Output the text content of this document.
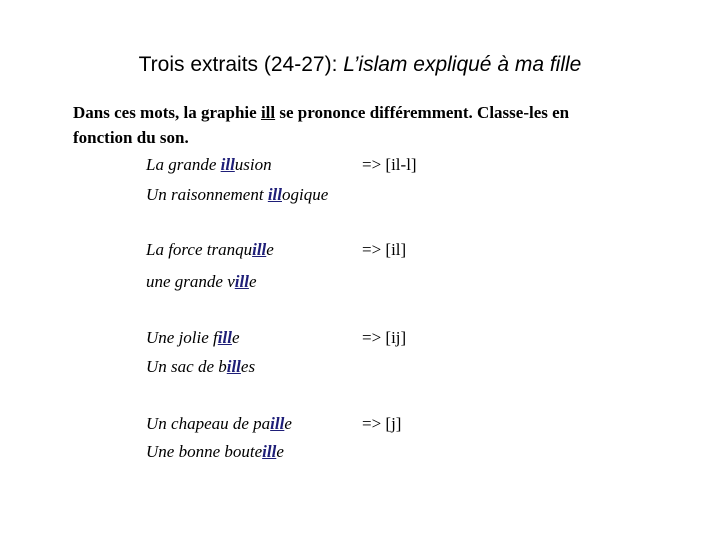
Trois extraits (24-27): L’islam expliqué à ma fille
Dans ces mots, la graphie ill se prononce différemment. Classe-les en
fonction du son.
La grande illusion
Un raisonnement illogique
=> [il-l]
La force tranquille
une grande ville
=> [il]
Une jolie fille
Un sac de billes
=> [ij]
Un chapeau de paille
Une bonne bouteille
=> [j]
